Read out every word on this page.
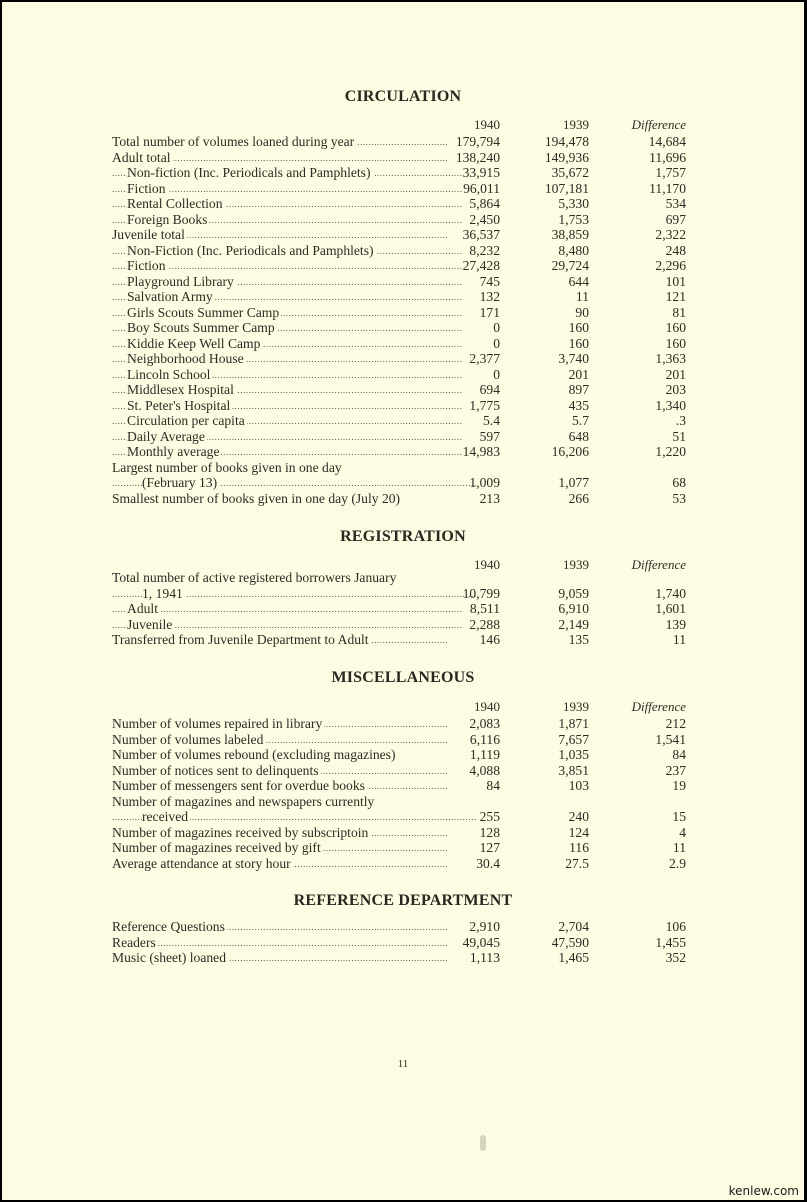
CIRCULATION
1940	1939	Difference
Total number of volumes loaned during year .....	179,794	194,478	14,684
Adult total .....	138,240	149,936	11,696
Non-fiction (Inc. Periodicals and Pamphlets) .....	33,915	35,672	1,757
Fiction .....	96,011	107,181	11,170
Rental Collection .....	5,864	5,330	534
Foreign Books .....	2,450	1,753	697
Juvenile total .....	36,537	38,859	2,322
Non-Fiction (Inc. Periodicals and Pamphlets) .....	8,232	8,480	248
Fiction .....	27,428	29,724	2,296
Playground Library .....	745	644	101
Salvation Army .....	132	11	121
Girls Scouts Summer Camp .....	171	90	81
Boy Scouts Summer Camp .....	0	160	160
Kiddie Keep Well Camp .....	0	160	160
Neighborhood House .....	2,377	3,740	1,363
Lincoln School .....	0	201	201
Middlesex Hospital .....	694	897	203
St. Peter's Hospital .....	1,775	435	1,340
Circulation per capita .....	5.4	5.7	.3
Daily Average .....	597	648	51
Monthly average .....	14,983	16,206	1,220
Largest number of books given in one day
(February 13) .....	1,009	1,077	68
Smallest number of books given in one day (July 20)	213	266	53
REGISTRATION
1940	1939	Difference
Total number of active registered borrowers January
1, 1941 .....	10,799	9,059	1,740
Adult .....	8,511	6,910	1,601
Juvenile .....	2,288	2,149	139
Transferred from Juvenile Department to Adult .....	146	135	11
MISCELLANEOUS
1940	1939	Difference
Number of volumes repaired in library .....	2,083	1,871	212
Number of volumes labeled .....	6,116	7,657	1,541
Number of volumes rebound (excluding magazines)	1,119	1,035	84
Number of notices sent to delinquents .....	4,088	3,851	237
Number of messengers sent for overdue books .....	84	103	19
Number of magazines and newspapers currently
received .....	255	240	15
Number of magazines received by subscriptoin .....	128	124	4
Number of magazines received by gift .....	127	116	11
Average attendance at story hour .....	30.4	27.5	2.9
REFERENCE DEPARTMENT
Reference Questions .....	2,910	2,704	106
Readers .....	49,045	47,590	1,455
Music (sheet) loaned .....	1,113	1,465	352
11
kenlew.com
